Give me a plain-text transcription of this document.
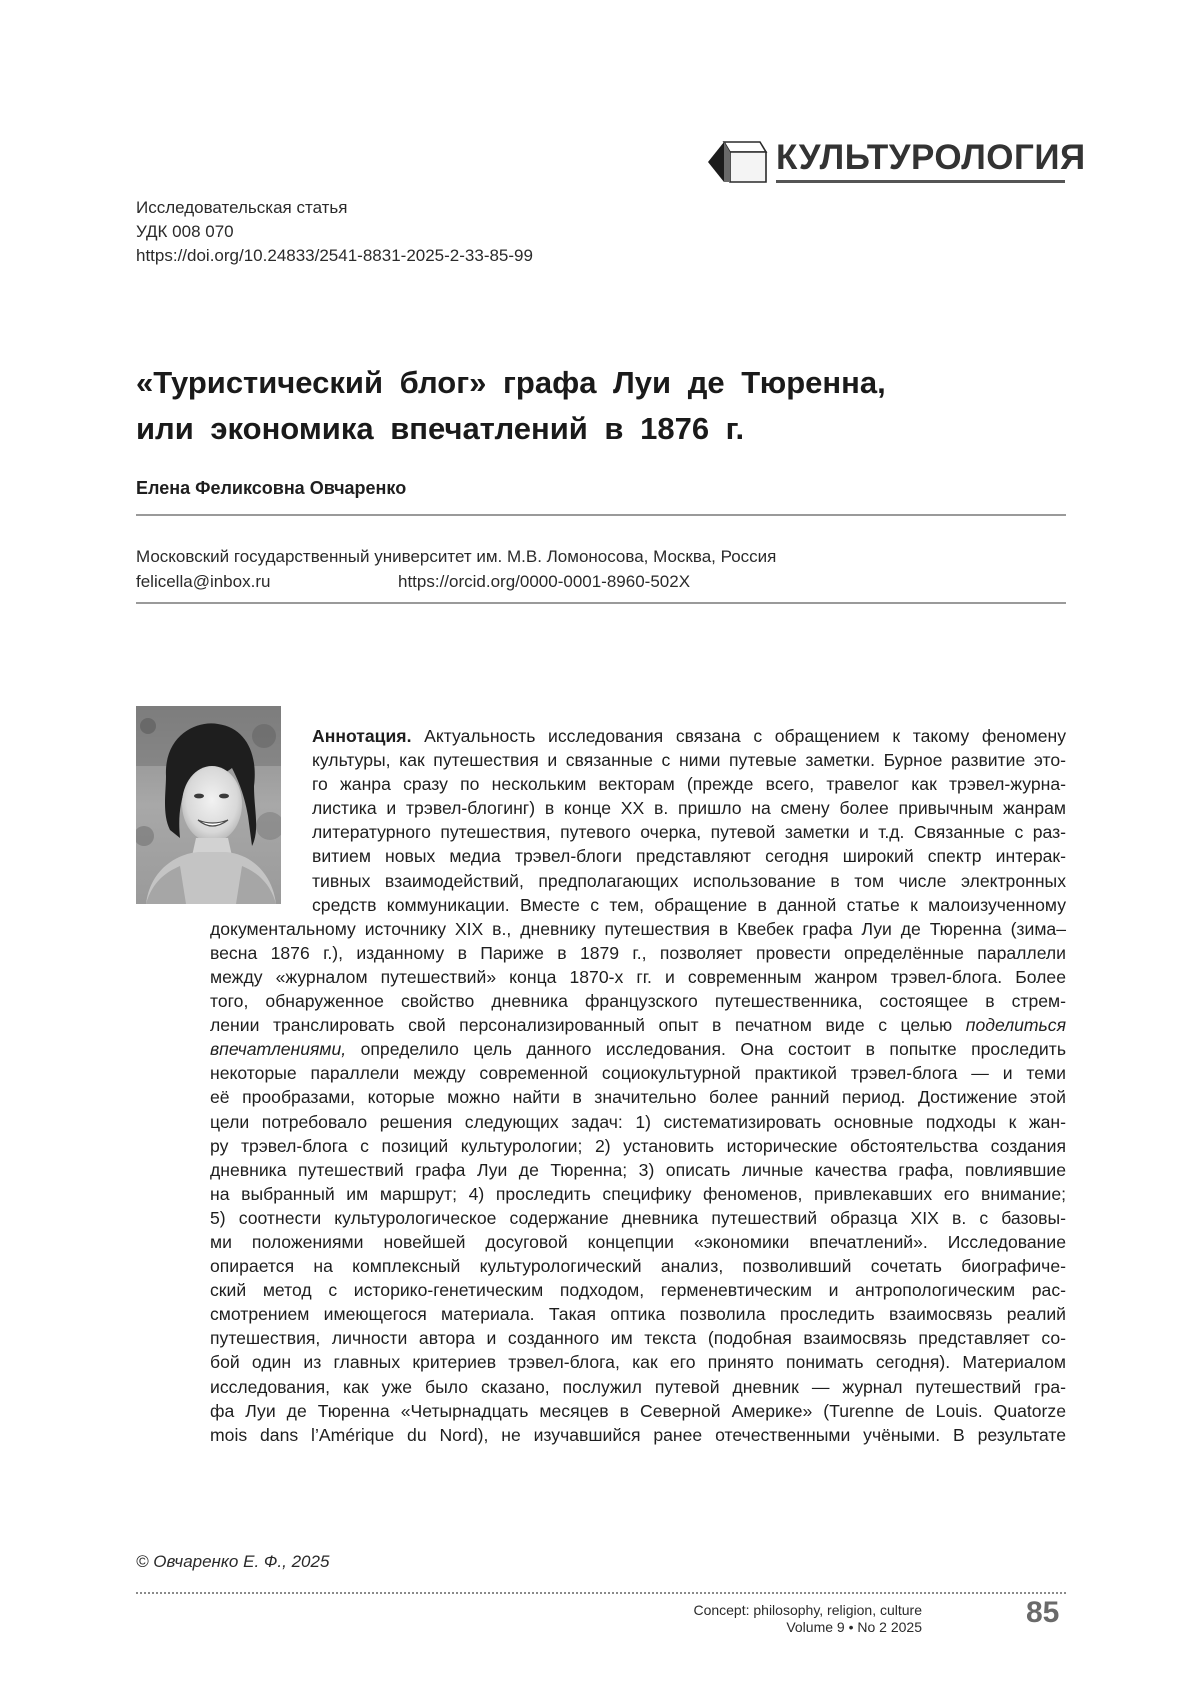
КУЛЬТУРОЛОГИЯ
Исследовательская статья
УДК 008 070
https://doi.org/10.24833/2541-8831-2025-2-33-85-99
«Туристический блог» графа Луи де Тюренна,
или экономика впечатлений в 1876 г.
Елена Феликсовна Овчаренко
Московский государственный университет им. М.В. Ломоносова, Москва, Россия
felicella@inbox.ru	https://orcid.org/0000-0001-8960-502X
Аннотация. Актуальность исследования связана с обращением к такому феномену
культуры, как путешествия и связанные с ними путевые заметки. Бурное развитие это-
го жанра сразу по нескольким векторам (прежде всего, травелог как трэвел-журна-
листика и трэвел-блогинг) в конце XX в. пришло на смену более привычным жанрам
литературного путешествия, путевого очерка, путевой заметки и т.д. Связанные с раз-
витием новых медиа трэвел-блоги представляют сегодня широкий спектр интерак-
тивных взаимодействий, предполагающих использование в том числе электронных
средств коммуникации. Вместе с тем, обращение в данной статье к малоизученному
документальному источнику XIX в., дневнику путешествия в Квебек графа Луи де Тюренна (зима–
весна 1876 г.), изданному в Париже в 1879 г., позволяет провести определённые параллели
между «журналом путешествий» конца 1870-х гг. и современным жанром трэвел-блога. Более
того, обнаруженное свойство дневника французского путешественника, состоящее в стрем-
лении транслировать свой персонализированный опыт в печатном виде с целью поделиться
впечатлениями, определило цель данного исследования. Она состоит в попытке проследить
некоторые параллели между современной социокультурной практикой трэвел-блога — и теми
её прообразами, которые можно найти в значительно более ранний период. Достижение этой
цели потребовало решения следующих задач: 1) систематизировать основные подходы к жан-
ру трэвел-блога с позиций культурологии; 2) установить исторические обстоятельства создания
дневника путешествий графа Луи де Тюренна; 3) описать личные качества графа, повлиявшие
на выбранный им маршрут; 4) проследить специфику феноменов, привлекавших его внимание;
5) соотнести культурологическое содержание дневника путешествий образца XIX в. с базовы-
ми положениями новейшей досуговой концепции «экономики впечатлений». Исследование
опирается на комплексный культурологический анализ, позволивший сочетать биографиче-
ский метод с историко-генетическим подходом, герменевтическим и антропологическим рас-
смотрением имеющегося материала. Такая оптика позволила проследить взаимосвязь реалий
путешествия, личности автора и созданного им текста (подобная взаимосвязь представляет со-
бой один из главных критериев трэвел-блога, как его принято понимать сегодня). Материалом
исследования, как уже было сказано, послужил путевой дневник — журнал путешествий гра-
фа Луи де Тюренна «Четырнадцать месяцев в Северной Америке» (Turenne de Louis. Quatorze
mois dans l’Amérique du Nord), не изучавшийся ранее отечественными учёными. В результате
© Овчаренко Е. Ф., 2025
Concept: philosophy, religion, culture
Volume 9 • No 2 2025	85
